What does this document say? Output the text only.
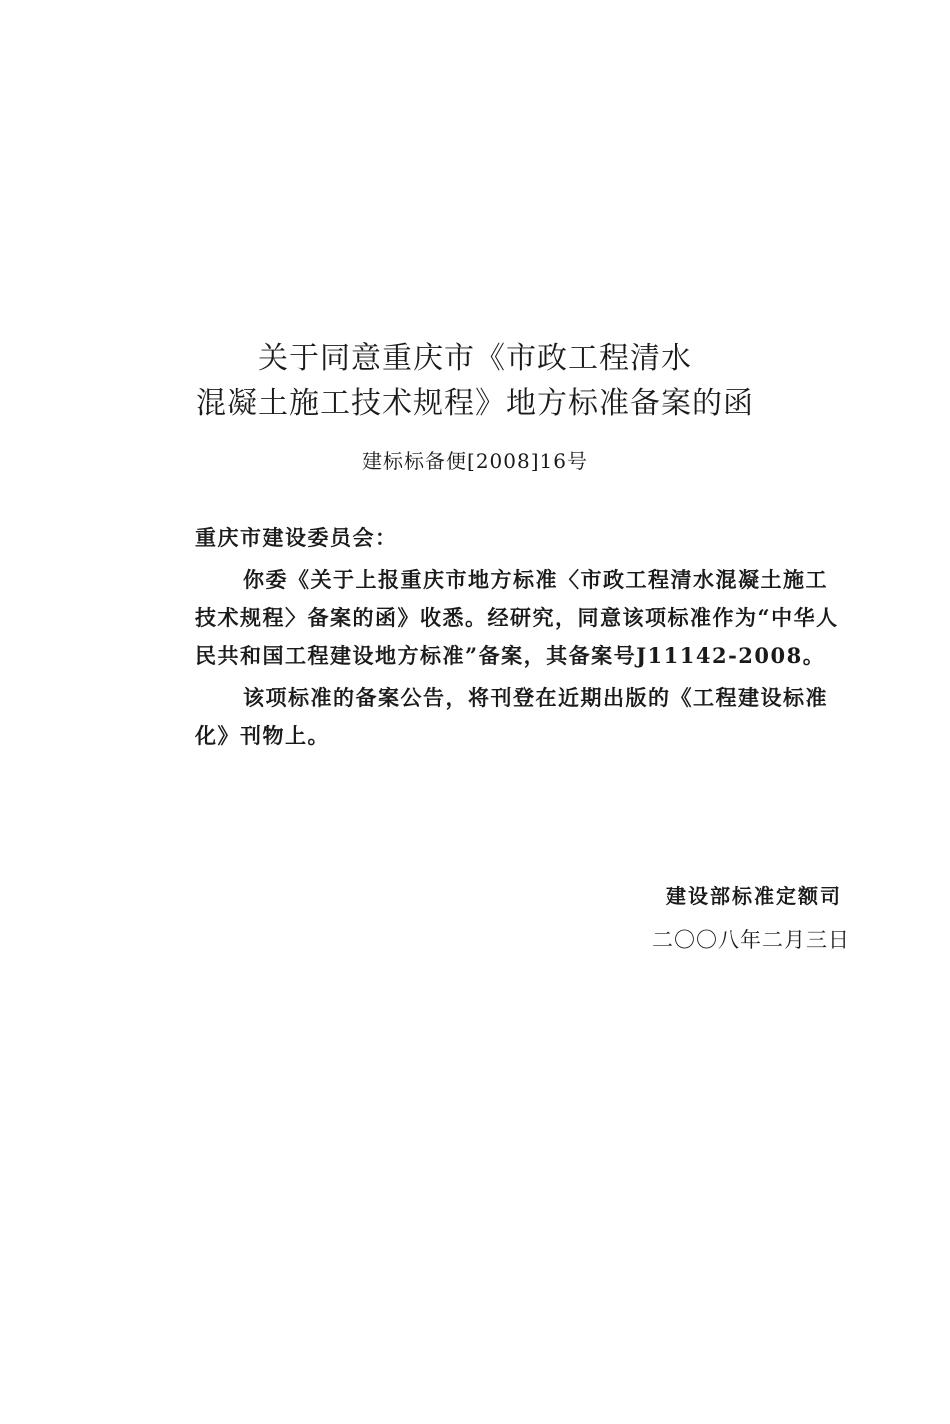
关于同意重庆市《市政工程清水
混凝土施工技术规程》地方标准备案的函
建标标备便[2008]16号

重庆市建设委员会：

你委《关于上报重庆市地方标准〈市政工程清水混凝土施工

技术规程〉备案的函》收悉。经研究，同意该项标准作为“中华人

民共和国工程建设地方标准”备案，其备案号J11142-2008。

该项标准的备案公告，将刊登在近期出版的《工程建设标准

化》刊物上。

建设部标准定额司
二〇〇八年二月三日
